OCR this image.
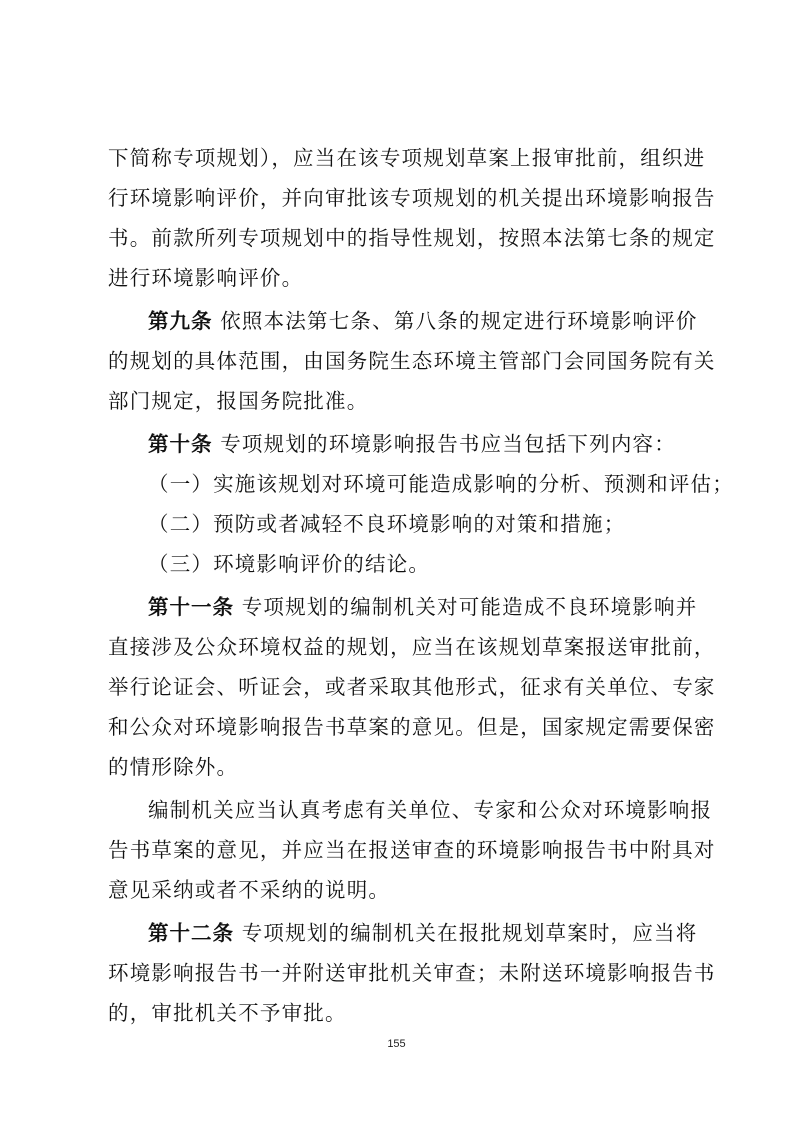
下简称专项规划），应当在该专项规划草案上报审批前，组织进
行环境影响评价，并向审批该专项规划的机关提出环境影响报告
书。前款所列专项规划中的指导性规划，按照本法第七条的规定
进行环境影响评价。
第九条 依照本法第七条、第八条的规定进行环境影响评价
的规划的具体范围，由国务院生态环境主管部门会同国务院有关
部门规定，报国务院批准。
第十条 专项规划的环境影响报告书应当包括下列内容：
（一）实施该规划对环境可能造成影响的分析、预测和评估；
（二）预防或者减轻不良环境影响的对策和措施；
（三）环境影响评价的结论。
第十一条 专项规划的编制机关对可能造成不良环境影响并
直接涉及公众环境权益的规划，应当在该规划草案报送审批前，
举行论证会、听证会，或者采取其他形式，征求有关单位、专家
和公众对环境影响报告书草案的意见。但是，国家规定需要保密
的情形除外。
编制机关应当认真考虑有关单位、专家和公众对环境影响报
告书草案的意见，并应当在报送审查的环境影响报告书中附具对
意见采纳或者不采纳的说明。
第十二条 专项规划的编制机关在报批规划草案时，应当将
环境影响报告书一并附送审批机关审查；未附送环境影响报告书
的，审批机关不予审批。
155
